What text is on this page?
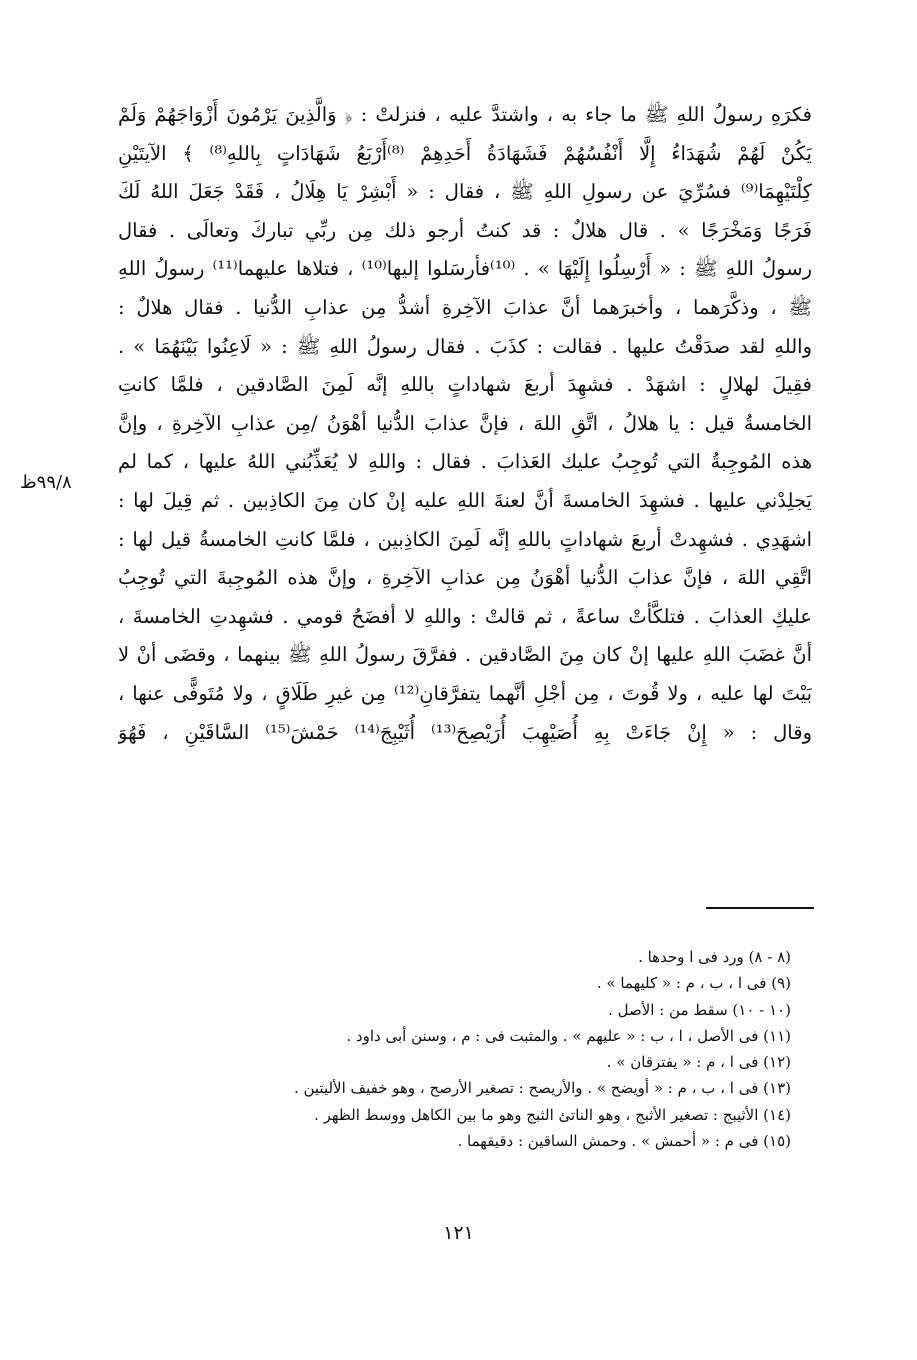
فكرَهِ رسولُ اللهِ ﷺ ما جاء به ، واشتدَّ عليه ، فنزلتْ : ﴿ وَالَّذِينَ يَرْمُونَ أَزْوَاجَهُمْ وَلَمْ
يَكُنْ لَهُمْ شُهَدَاءُ إِلَّا أَنْفُسُهُمْ فَشَهَادَةُ أَحَدِهِمْ ⁽⁸⁾أَرْبَعُ شَهَادَاتٍ بِاللهِ⁽⁸⁾ ﴾ الآيتَيْنِ
كِلْتَيْهِمَا⁽⁹⁾ فسُرِّيَ عن رسولِ اللهِ ﷺ ، فقال : « أَبْشِرْ يَا هِلَالُ ، فَقَدْ جَعَلَ اللهُ لَكَ
فَرَجًا وَمَخْرَجًا » . قال هلالٌ : قد كنتُ أرجو ذلك مِن ربِّي تباركَ وتعالَى . فقال
رسولُ اللهِ ﷺ : « أَرْسِلُوا إِلَيْهَا » . ⁽¹⁰⁾فأرسَلوا إليها⁽¹⁰⁾ ، فتلاها عليهما⁽¹¹⁾ رسولُ اللهِ
ﷺ ، وذكَّرَهما ، وأخبرَهما أنَّ عذابَ الآخِرةِ أشدُّ مِن عذابِ الدُّنيا . فقال هلالٌ :
واللهِ لقد صدَقْتُ عليها . فقالت : كذَبَ . فقال رسولُ اللهِ ﷺ : « لَاعِنُوا بَيْنَهُمَا » .
فقِيلَ لهلالٍ : اشهَدْ . فشهِدَ أربعَ شهاداتٍ باللهِ إنَّه لَمِنَ الصَّادقين ، فلمَّا كانتِ
الخامسةُ قيل : يا هلالُ ، اتَّقِ اللهَ ، فإنَّ عذابَ الدُّنيا أهْوَنُ /مِن عذابِ الآخِرةِ ، وإنَّ
هذه المُوجِبةُ التي تُوجِبُ عليك العَذابَ . فقال : واللهِ لا يُعَذِّبُني اللهُ عليها ، كما لم
يَجلِدْني عليها . فشهِدَ الخامسةَ أنَّ لعنةَ اللهِ عليه إنْ كان مِنَ الكاذِبين . ثم قِيلَ لها :
اشهَدِي . فشهِدتْ أربعَ شهاداتٍ باللهِ إنَّه لَمِنَ الكاذِبين ، فلمَّا كانتِ الخامسةُ قيل لها :
اتَّقِي اللهَ ، فإنَّ عذابَ الدُّنيا أهْوَنُ مِن عذابِ الآخِرةِ ، وإنَّ هذه المُوجِبةَ التي تُوجِبُ
عليكِ العذابَ . فتلكَّأتْ ساعةً ، ثم قالتْ : واللهِ لا أفضَحُ قومي . فشهِدتِ الخامسةَ ،
أنَّ غضَبَ اللهِ عليها إنْ كان مِنَ الصَّادقين . ففرَّقَ رسولُ اللهِ ﷺ بينهما ، وقضَى أنْ لا
بَيْتَ لها عليه ، ولا قُوتَ ، مِن أجْلِ أنَّهما يتفرَّقانِ⁽¹²⁾ مِن غيرِ طَلَاقٍ ، ولا مُتَوفًّى عنها ،
وقال : « إِنْ جَاءَتْ بِهِ أُصَيْهِبَ أُرَيْصِحَ⁽¹³⁾ أُثَيْبِجَ⁽¹⁴⁾ حَمْشَ⁽¹⁵⁾ السَّاقَيْنِ ، فَهُوَ
٩٩/٨ظ
(٨ - ٨) ورد فى ا وحدها .
(٩) فى ا ، ب ، م : « كليهما » .
(١٠ - ١٠) سقط من : الأصل .
(١١) فى الأصل ، ا ، ب : « عليهم » . والمثبت فى : م ، وسنن أبى داود .
(١٢) فى ا ، م : « يفترقان » .
(١٣) فى ا ، ب ، م : « أويضح » . والأريصح : تصغير الأرصح ، وهو خفيف الأليتين .
(١٤) الأثيبج : تصغير الأثبج ، وهو الناتئ الثبج وهو ما بين الكاهل ووسط الظهر .
(١٥) فى م : « أحمش » . وحمش الساقين : دقيقهما .
١٢١
